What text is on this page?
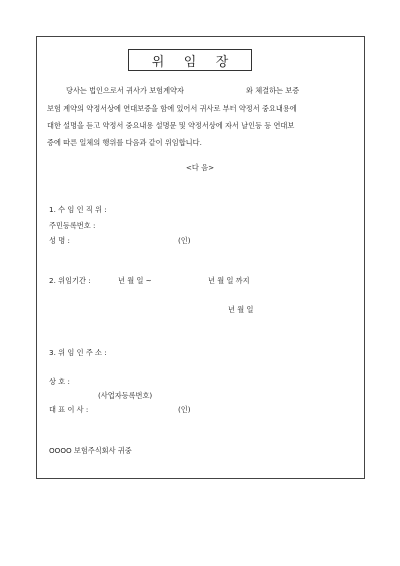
위	임	장
당사는 법인으로서 귀사가 보험계약자	와 체결하는 보증
보험 계약의 약정서상에 연대보증을 함에 있어서 귀사로 부터 약정서 중요내용에
대한 설명을 듣고 약정서 중요내용 설명문 및 약정서상에 자서 날인등 등 연대보
증에 따른 일체의 행위를 다음과 같이 위임합니다.
<다 음>
1. 수 임 인 직 위 :
주민등록번호 :
성 명 :	(인)
2. 위임기간 :	년 월 일 ~	년 월 일 까지
년 월 일
3. 위 임 인 주 소 :
상 호 :
(사업자등록번호)
대 표 이 사 :	(인)
OOOO 보험주식회사 귀중
